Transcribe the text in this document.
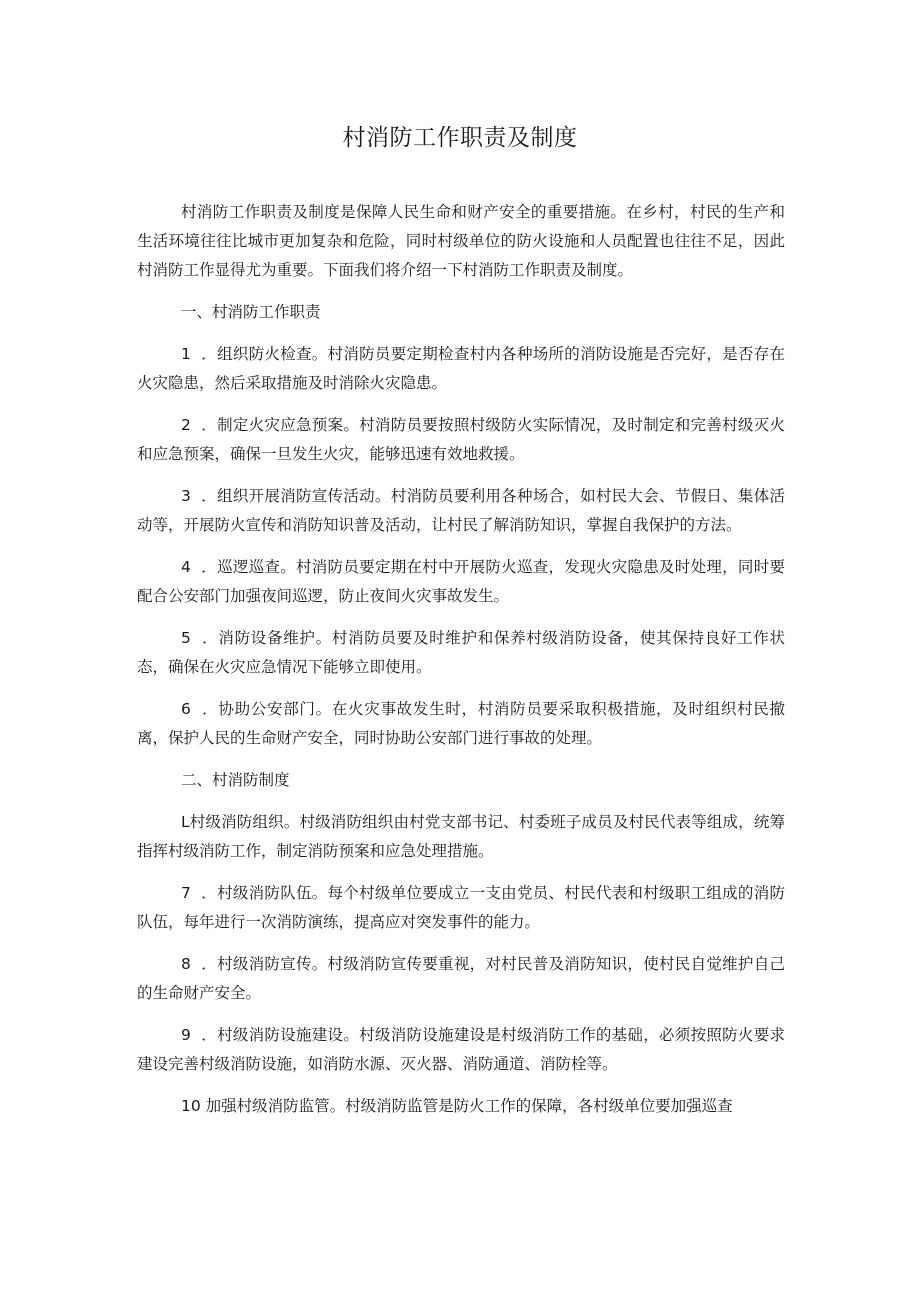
村消防工作职责及制度

村消防工作职责及制度是保障人民生命和财产安全的重要措施。在乡村，村民的生产和生活环境往往比城市更加复杂和危险，同时村级单位的防火设施和人员配置也往往不足，因此村消防工作显得尤为重要。下面我们将介绍一下村消防工作职责及制度。

一、村消防工作职责

1 ．组织防火检查。村消防员要定期检查村内各种场所的消防设施是否完好，是否存在火灾隐患，然后采取措施及时消除火灾隐患。

2 ．制定火灾应急预案。村消防员要按照村级防火实际情况，及时制定和完善村级灭火和应急预案，确保一旦发生火灾，能够迅速有效地救援。

3 ．组织开展消防宣传活动。村消防员要利用各种场合，如村民大会、节假日、集体活动等，开展防火宣传和消防知识普及活动，让村民了解消防知识，掌握自我保护的方法。

4 ．巡逻巡查。村消防员要定期在村中开展防火巡查，发现火灾隐患及时处理，同时要配合公安部门加强夜间巡逻，防止夜间火灾事故发生。

5 ．消防设备维护。村消防员要及时维护和保养村级消防设备，使其保持良好工作状态，确保在火灾应急情况下能够立即使用。

6 ．协助公安部门。在火灾事故发生时，村消防员要采取积极措施，及时组织村民撤离，保护人民的生命财产安全，同时协助公安部门进行事故的处理。

二、村消防制度

L村级消防组织。村级消防组织由村党支部书记、村委班子成员及村民代表等组成，统筹指挥村级消防工作，制定消防预案和应急处理措施。

7 ．村级消防队伍。每个村级单位要成立一支由党员、村民代表和村级职工组成的消防队伍，每年进行一次消防演练，提高应对突发事件的能力。

8 ．村级消防宣传。村级消防宣传要重视，对村民普及消防知识，使村民自觉维护自己的生命财产安全。

9 ．村级消防设施建设。村级消防设施建设是村级消防工作的基础，必须按照防火要求建设完善村级消防设施，如消防水源、灭火器、消防通道、消防栓等。

10 加强村级消防监管。村级消防监管是防火工作的保障，各村级单位要加强巡查
